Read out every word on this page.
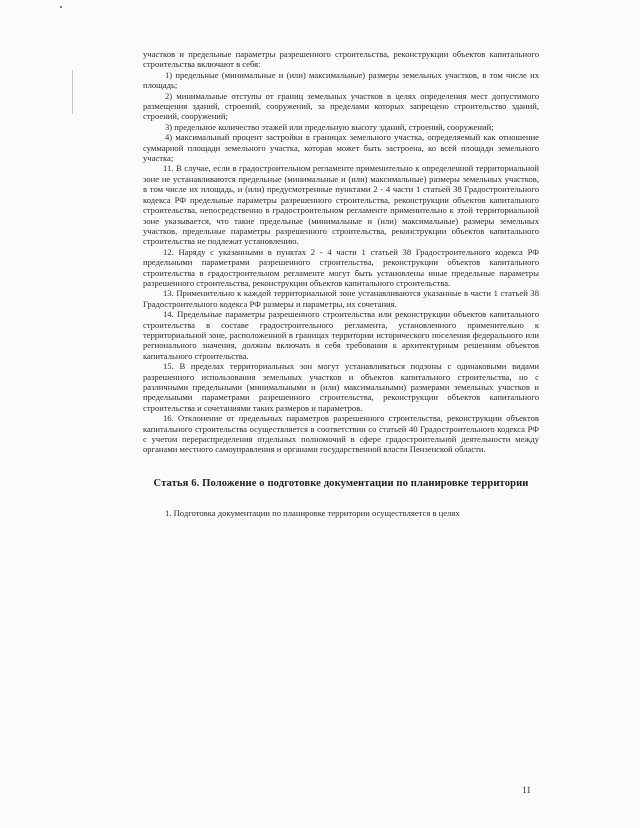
участков и предельные параметры разрешенного строительства, реконструкции объектов капитального строительства включают в себя:

1) предельные (минимальные и (или) максимальные) размеры земельных участков, в том числе их площадь;

2) минимальные отступы от границ земельных участков в целях определения мест допустимого размещения зданий, строений, сооружений, за пределами которых запрещено строительство зданий, строений, сооружений;

3) предельное количество этажей или предельную высоту зданий, строений, сооружений;

4) максимальный процент застройки в границах земельного участка, определяемый как отношение суммарной площади земельного участка, которая может быть застроена, ко всей площади земельного участка;

11. В случае, если в градостроительном регламенте применительно к определенной территориальной зоне не устанавливаются предельные (минимальные и (или) максимальные) размеры земельных участков, в том числе их площадь, и (или) предусмотренные пунктами 2 - 4 части 1 статьей 38 Градостроительного кодекса РФ предельные параметры разрешенного строительства, реконструкции объектов капитального строительства, непосредственно в градостроительном регламенте применительно к этой территориальной зоне указывается, что такие предельные (минимальные и (или) максимальные) размеры земельных участков, предельные параметры разрешенного строительства, реконструкции объектов капитального строительства не подлежат установлению.

12. Наряду с указанными в пунктах 2 - 4 части 1 статьей 38 Градостроительного кодекса РФ предельными параметрами разрешенного строительства, реконструкции объектов капитального строительства в градостроительном регламенте могут быть установлены иные предельные параметры разрешенного строительства, реконструкции объектов капитального строительства.

13. Применительно к каждой территориальной зоне устанавливаются указанные в части 1 статьей 38 Градостроительного кодекса РФ размеры и параметры, их сочетания.

14. Предельные параметры разрешенного строительства или реконструкции объектов капитального строительства в составе градостроительного регламента, установленного применительно к территориальной зоне, расположенной в границах территории исторического поселения федерального или регионального значения, должны включать в себя требования к архитектурным решениям объектов капитального строительства.

15. В пределах территориальных зон могут устанавливаться подзоны с одинаковыми видами разрешенного использования земельных участков и объектов капитального строительства, но с различными предельными (минимальными и (или) максимальными) размерами земельных участков и предельными параметрами разрешенного строительства, реконструкции объектов капитального строительства и сочетаниями таких размеров и параметров.

16. Отклонение от предельных параметров разрешенного строительства, реконструкции объектов капитального строительства осуществляется в соответствии со статьей 40 Градостроительного кодекса РФ с учетом перераспределения отдельных полномочий в сфере градостроительной деятельности между органами местного самоуправления и органами государственной власти Пензенской области.

Статья 6. Положение о подготовке документации по планировке территории

1. Подготовка документации по планировке территории осуществляется в целях

11
